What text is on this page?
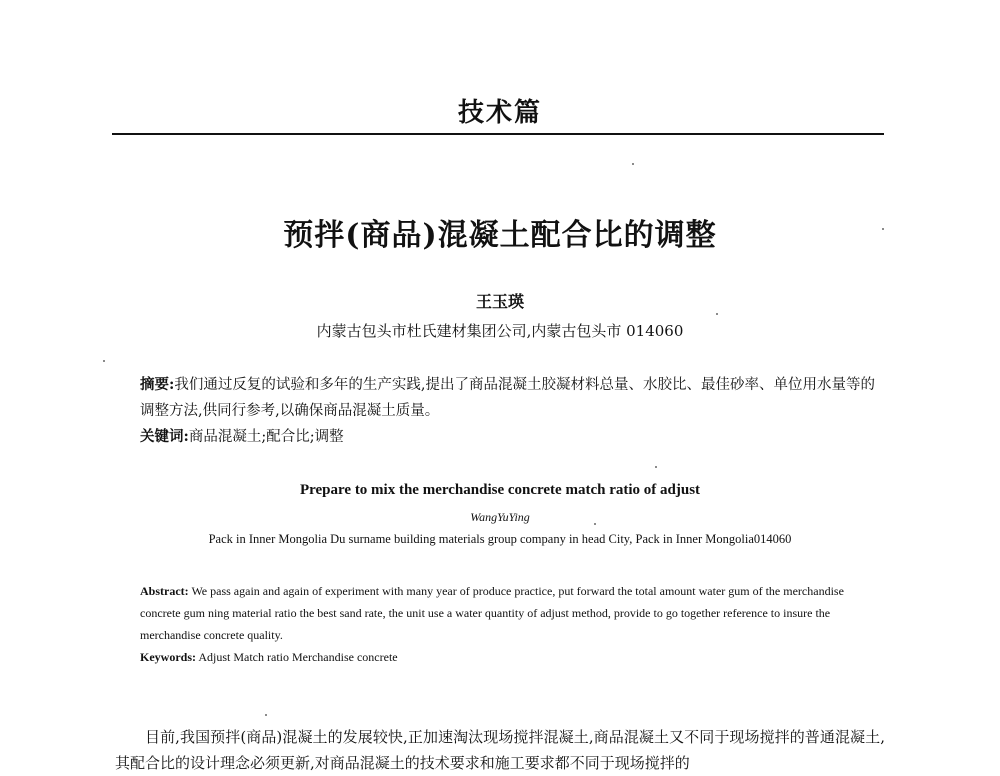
技术篇
预拌(商品)混凝土配合比的调整
王玉瑛
内蒙古包头市杜氏建材集团公司,内蒙古包头市 014060
摘要:我们通过反复的试验和多年的生产实践,提出了商品混凝土胶凝材料总量、水胶比、最佳砂率、单位用水量等的调整方法,供同行参考,以确保商品混凝土质量。
关键词:商品混凝土;配合比;调整
Prepare to mix the merchandise concrete match ratio of adjust
WangYuYing
Pack in Inner Mongolia Du surname building materials group company in head City, Pack in Inner Mongolia014060
Abstract: We pass again and again of experiment with many year of produce practice, put forward the total amount water gum of the merchandise concrete gum ning material ratio the best sand rate, the unit use a water quantity of adjust method, provide to go together reference to insure the merchandise concrete quality.
Keywords: Adjust Match ratio Merchandise concrete
目前,我国预拌(商品)混凝土的发展较快,正加速淘汰现场搅拌混凝土,商品混凝土又不同于现场搅拌的普通混凝土,其配合比的设计理念必须更新,对商品混凝土的技术要求和施工要求都不同于现场搅拌的
